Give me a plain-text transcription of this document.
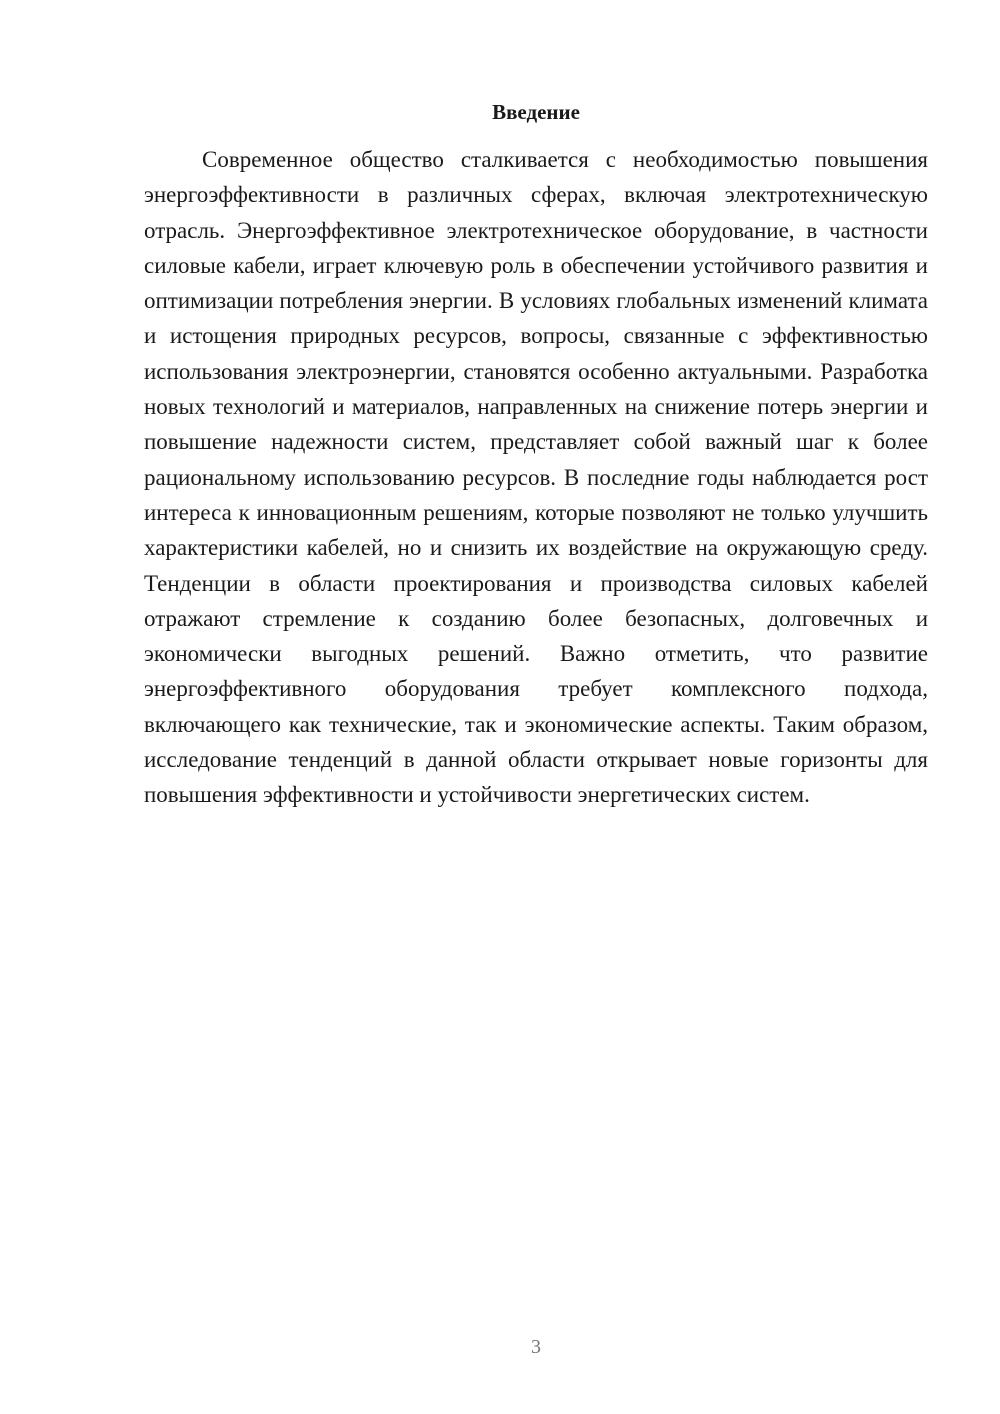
Введение

Современное общество сталкивается с необходимостью повышения энергоэффективности в различных сферах, включая электротехническую отрасль. Энергоэффективное электротехническое оборудование, в частности силовые кабели, играет ключевую роль в обеспечении устойчивого развития и оптимизации потребления энергии. В условиях глобальных изменений климата и истощения природных ресурсов, вопросы, связанные с эффективностью использования электроэнергии, становятся особенно актуальными. Разработка новых технологий и материалов, направленных на снижение потерь энергии и повышение надежности систем, представляет собой важный шаг к более рациональному использованию ресурсов. В последние годы наблюдается рост интереса к инновационным решениям, которые позволяют не только улучшить характеристики кабелей, но и снизить их воздействие на окружающую среду. Тенденции в области проектирования и производства силовых кабелей отражают стремление к созданию более безопасных, долговечных и экономически выгодных решений. Важно отметить, что развитие энергоэффективного оборудования требует комплексного подхода, включающего как технические, так и экономические аспекты. Таким образом, исследование тенденций в данной области открывает новые горизонты для повышения эффективности и устойчивости энергетических систем.

3
